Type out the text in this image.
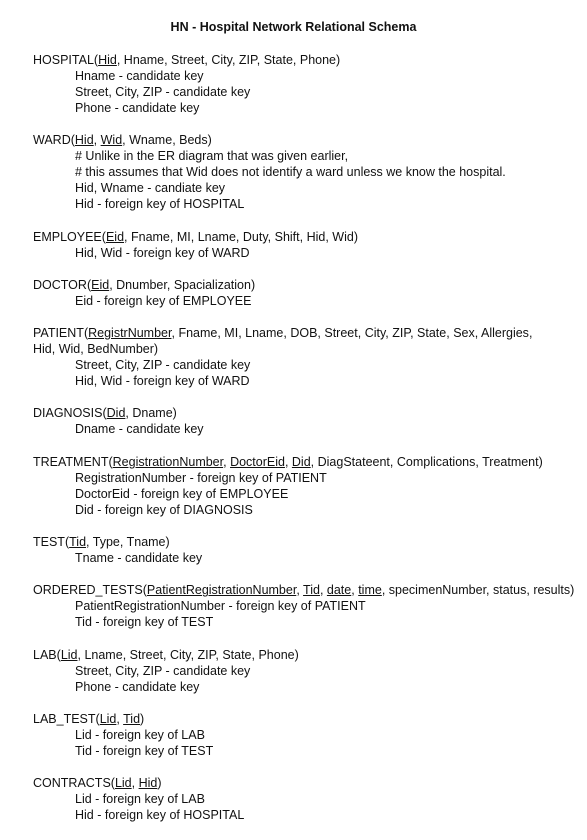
HN - Hospital Network Relational Schema
HOSPITAL(Hid, Hname, Street, City, ZIP, State, Phone)
Hname - candidate key
Street, City, ZIP - candidate key
Phone - candidate key
WARD(Hid, Wid, Wname, Beds)
# Unlike in the ER diagram that was given earlier,
# this assumes that Wid does not identify a ward unless we know the hospital.
Hid, Wname - candiate key
Hid - foreign key of HOSPITAL
EMPLOYEE(Eid, Fname, MI, Lname, Duty, Shift, Hid, Wid)
Hid, Wid - foreign key of WARD
DOCTOR(Eid, Dnumber, Spacialization)
Eid - foreign key of EMPLOYEE
PATIENT(RegistrNumber, Fname, MI, Lname, DOB, Street, City, ZIP, State, Sex, Allergies, Hid, Wid, BedNumber)
Street, City, ZIP - candidate key
Hid, Wid - foreign key of WARD
DIAGNOSIS(Did, Dname)
Dname - candidate key
TREATMENT(RegistrationNumber, DoctorEid, Did, DiagStateent, Complications, Treatment)
RegistrationNumber - foreign key of PATIENT
DoctorEid - foreign key of EMPLOYEE
Did - foreign key of DIAGNOSIS
TEST(Tid, Type, Tname)
Tname - candidate key
ORDERED_TESTS(PatientRegistrationNumber, Tid, date, time, specimenNumber, status, results)
PatientRegistrationNumber - foreign key of PATIENT
Tid - foreign key of TEST
LAB(Lid, Lname, Street, City, ZIP, State, Phone)
Street, City, ZIP - candidate key
Phone - candidate key
LAB_TEST(Lid, Tid)
Lid - foreign key of LAB
Tid - foreign key of TEST
CONTRACTS(Lid, Hid)
Lid - foreign key of LAB
Hid - foreign key of HOSPITAL
